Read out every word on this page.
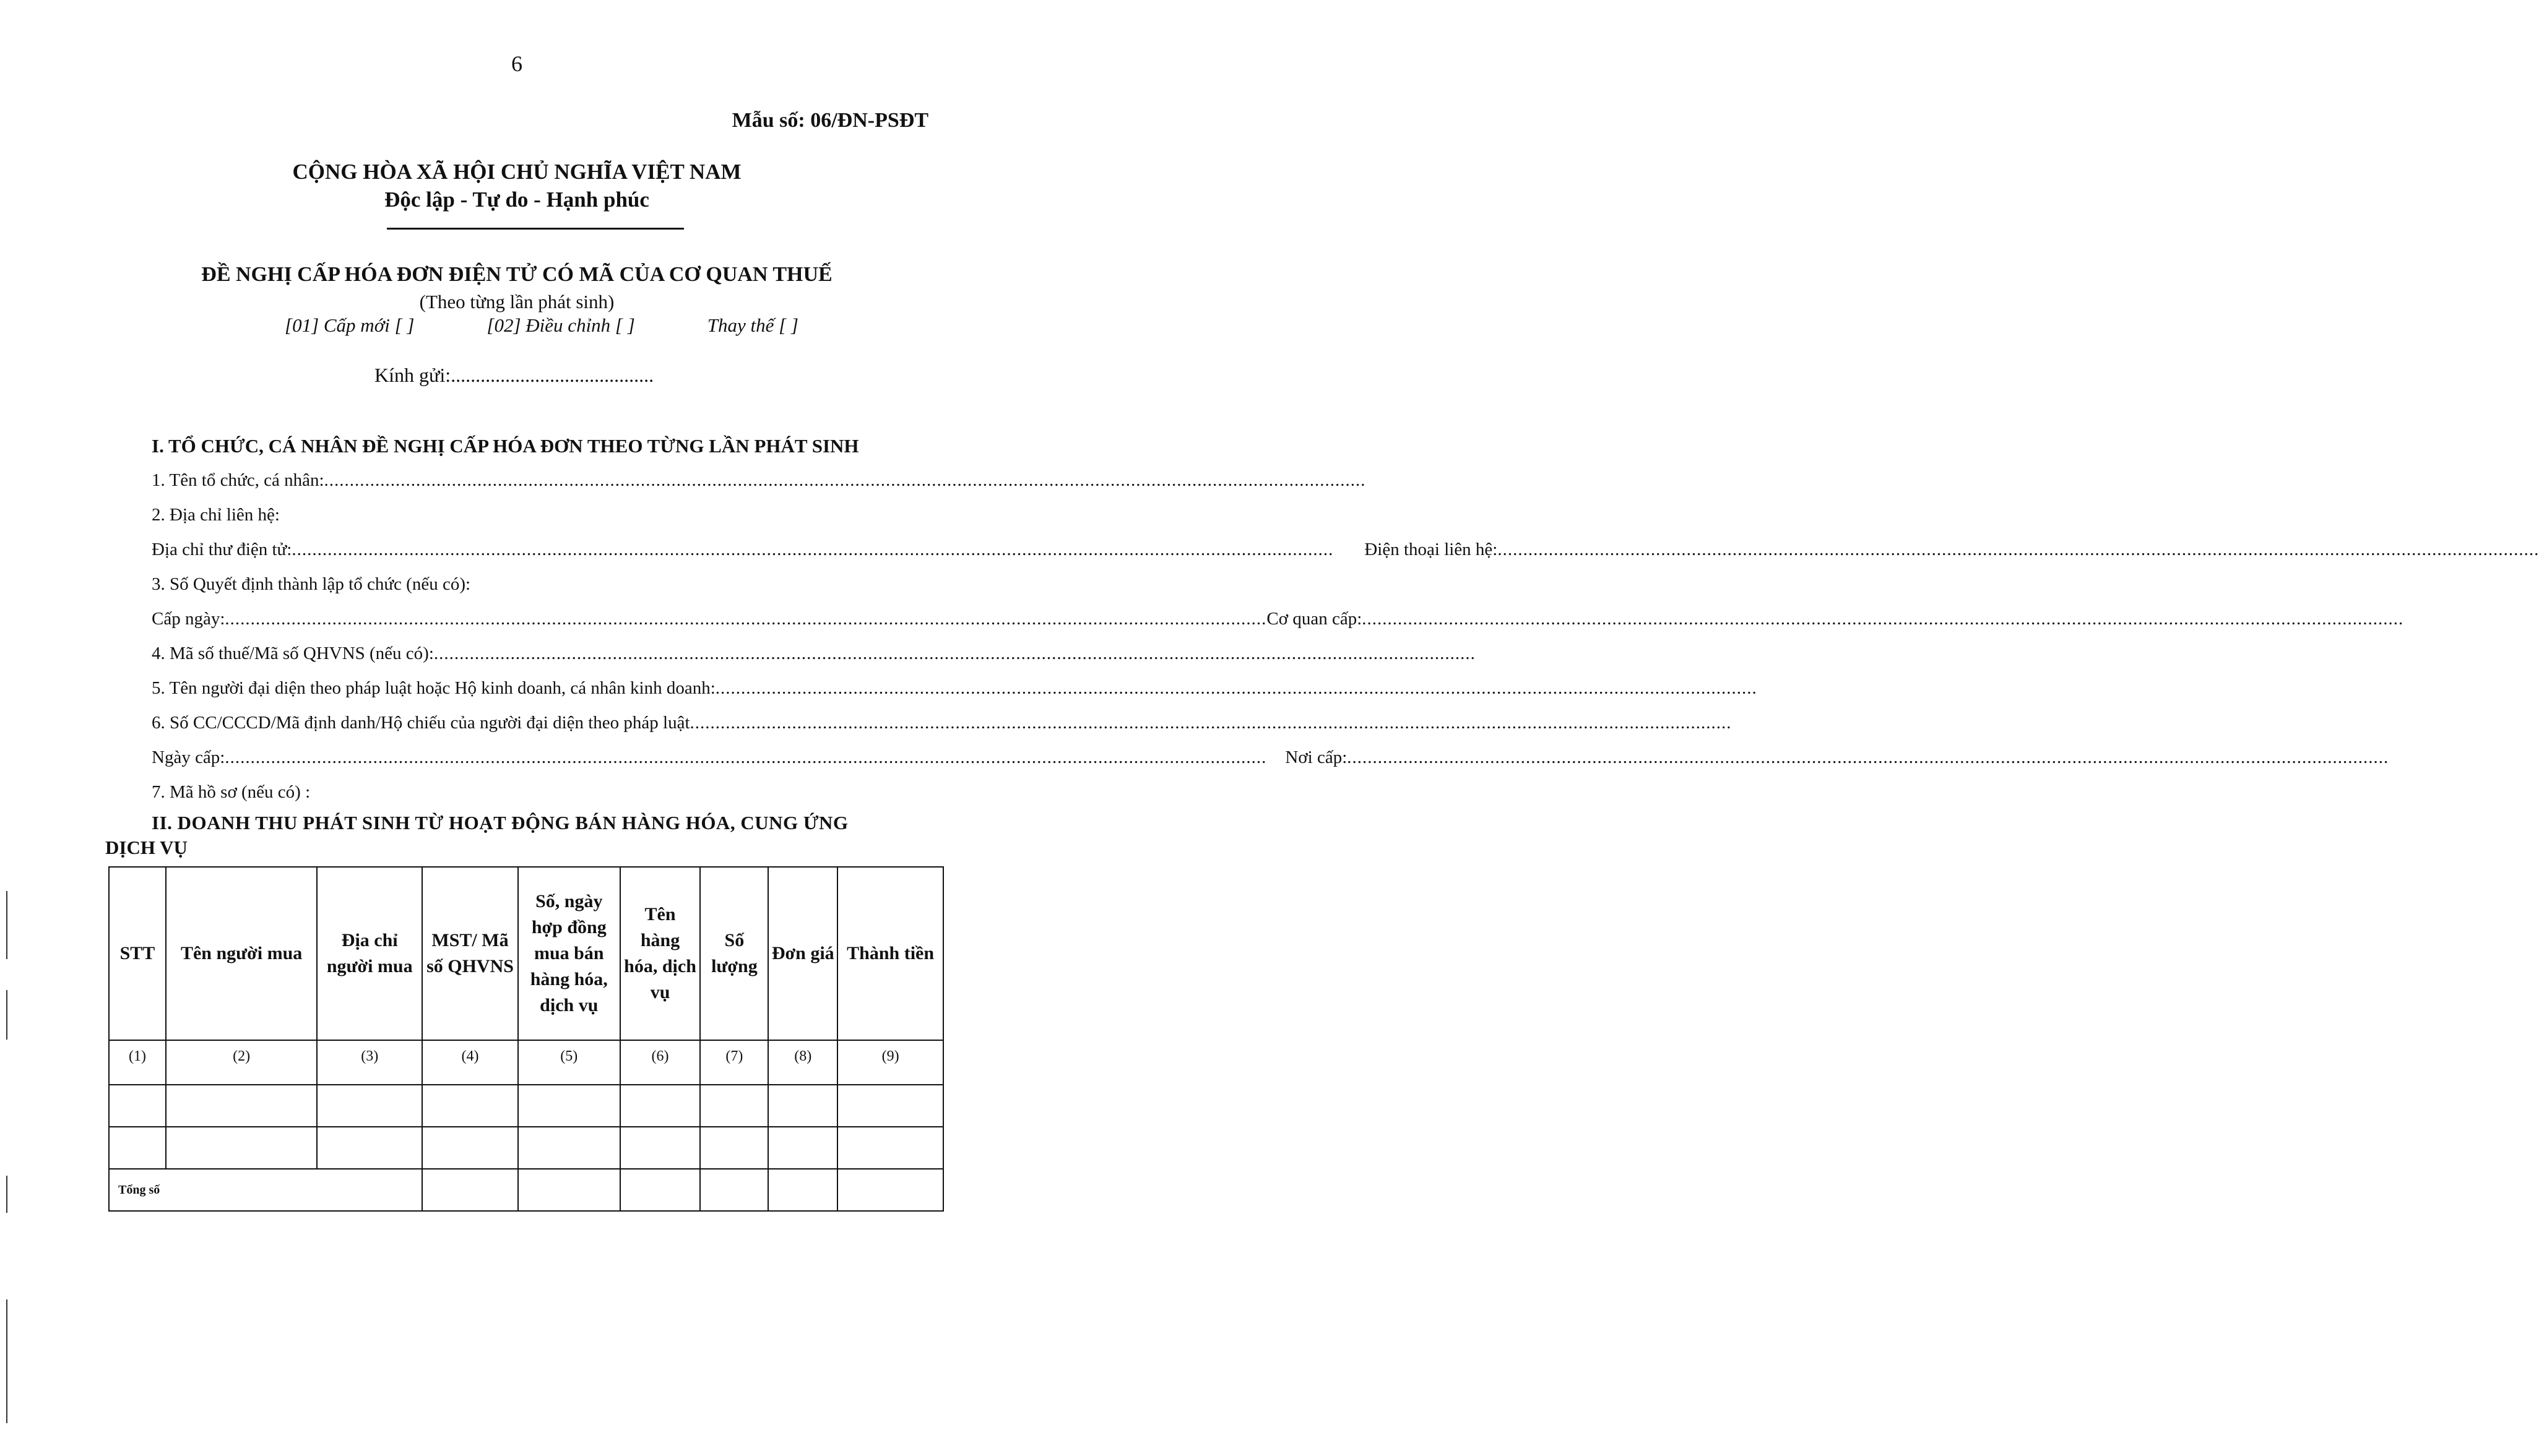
6
Mẫu số: 06/ĐN-PSĐT
CỘNG HÒA XÃ HỘI CHỦ NGHĨA VIỆT NAM
Độc lập - Tự do - Hạnh phúc
ĐỀ NGHỊ CẤP HÓA ĐƠN ĐIỆN TỬ CÓ MÃ CỦA CƠ QUAN THUẾ
(Theo từng lần phát sinh)
[01] Cấp mới [ ]	[02] Điều chỉnh [ ]	Thay thế [ ]
Kính gửi:.........................................
I. TỔ CHỨC, CÁ NHÂN ĐỀ NGHỊ CẤP HÓA ĐƠN THEO TỪNG LẦN PHÁT SINH
1. Tên tổ chức, cá nhân: ............................................................................................................................................................................................................
2. Địa chỉ liên hệ:
Địa chỉ thư điện tử: ............................................................................................................................................................................................................ Điện thoại liên hệ: ............................................................................................................................................................................................................
3. Số Quyết định thành lập tổ chức (nếu có):
Cấp ngày: ............................................................................................................................................................................................................ Cơ quan cấp: ............................................................................................................................................................................................................
4. Mã số thuế/Mã số QHVNS (nếu có): ............................................................................................................................................................................................................
5. Tên người đại diện theo pháp luật hoặc Hộ kinh doanh, cá nhân kinh doanh: ............................................................................................................................................................................................................
6. Số CC/CCCD/Mã định danh/Hộ chiếu của người đại diện theo pháp luật ............................................................................................................................................................................................................
Ngày cấp: ............................................................................................................................................................................................................ Nơi cấp: ............................................................................................................................................................................................................
7. Mã hồ sơ (nếu có) :
II. DOANH THU PHÁT SINH TỪ HOẠT ĐỘNG BÁN HÀNG HÓA, CUNG ỨNG
DỊCH VỤ
STT	Tên người mua	Địa chỉ người mua	MST/ Mã số QHVNS	Số, ngày hợp đồng mua bán hàng hóa, dịch vụ	Tên hàng hóa, dịch vụ	Số lượng	Đơn giá	Thành tiền
(1)	(2)	(3)	(4)	(5)	(6)	(7)	(8)	(9)

Tổng số								
